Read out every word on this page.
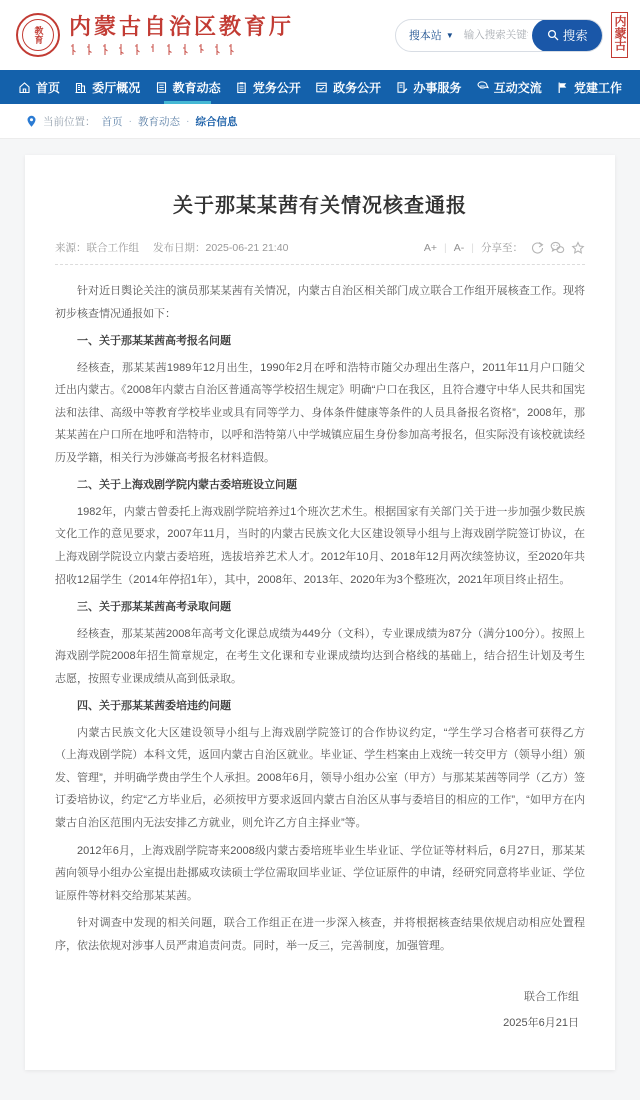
教育	内蒙古自治区教育厅	搜本站 ▼
输入搜索关键字...	搜索 内蒙古
首页	委厅概况	教育动态	党务公开	政务公开	办事服务	互动交流	党建工作
当前位置： 首页 · 教育动态 · 综合信息
关于那某某茜有关情况核查通报
来源：联合工作组 发布日期：2025-06-21 21:40	A+ | A- | 分享至：

针对近日舆论关注的演员那某某茜有关情况，内蒙古自治区相关部门成立联合工作组开展核查工作。现将初步核查情况通报如下：

一、关于那某某茜高考报名问题

经核查，那某某茜1989年12月出生，1990年2月在呼和浩特市随父办理出生落户，2011年11月户口随父迁出内蒙古。《2008年内蒙古自治区普通高等学校招生规定》明确“户口在我区，且符合遵守中华人民共和国宪法和法律、高级中等教育学校毕业或具有同等学力、身体条件健康等条件的人员具备报名资格”，2008年，那某某茜在户口所在地呼和浩特市，以呼和浩特第八中学城镇应届生身份参加高考报名，但实际没有该校就读经历及学籍，相关行为涉嫌高考报名材料造假。

二、关于上海戏剧学院内蒙古委培班设立问题

1982年，内蒙古曾委托上海戏剧学院培养过1个班次艺术生。根据国家有关部门关于进一步加强少数民族文化工作的意见要求，2007年11月，当时的内蒙古民族文化大区建设领导小组与上海戏剧学院签订协议，在上海戏剧学院设立内蒙古委培班，选拔培养艺术人才。2012年10月、2018年12月两次续签协议，至2020年共招收12届学生（2014年停招1年），其中，2008年、2013年、2020年为3个整班次，2021年项目终止招生。

三、关于那某某茜高考录取问题

经核查，那某某茜2008年高考文化课总成绩为449分（文科），专业课成绩为87分（满分100分）。按照上海戏剧学院2008年招生简章规定，在考生文化课和专业课成绩均达到合格线的基础上，结合招生计划及考生志愿，按照专业课成绩从高到低录取。

四、关于那某某茜委培违约问题

内蒙古民族文化大区建设领导小组与上海戏剧学院签订的合作协议约定，“学生学习合格者可获得乙方（上海戏剧学院）本科文凭，返回内蒙古自治区就业。毕业证、学生档案由上戏统一转交甲方（领导小组）颁发、管理”，并明确学费由学生个人承担。2008年6月，领导小组办公室（甲方）与那某某茜等同学（乙方）签订委培协议，约定“乙方毕业后，必须按甲方要求返回内蒙古自治区从事与委培目的相应的工作”，“如甲方在内蒙古自治区范围内无法安排乙方就业，则允许乙方自主择业”等。

2012年6月，上海戏剧学院寄来2008级内蒙古委培班毕业生毕业证、学位证等材料后，6月27日，那某某茜向领导小组办公室提出赴挪威攻读硕士学位需取回毕业证、学位证原件的申请，经研究同意将毕业证、学位证原件等材料交给那某某茜。

针对调查中发现的相关问题，联合工作组正在进一步深入核查，并将根据核查结果依规启动相应处置程序，依法依规对涉事人员严肃追责问责。同时，举一反三，完善制度，加强管理。

联合工作组
2025年6月21日
